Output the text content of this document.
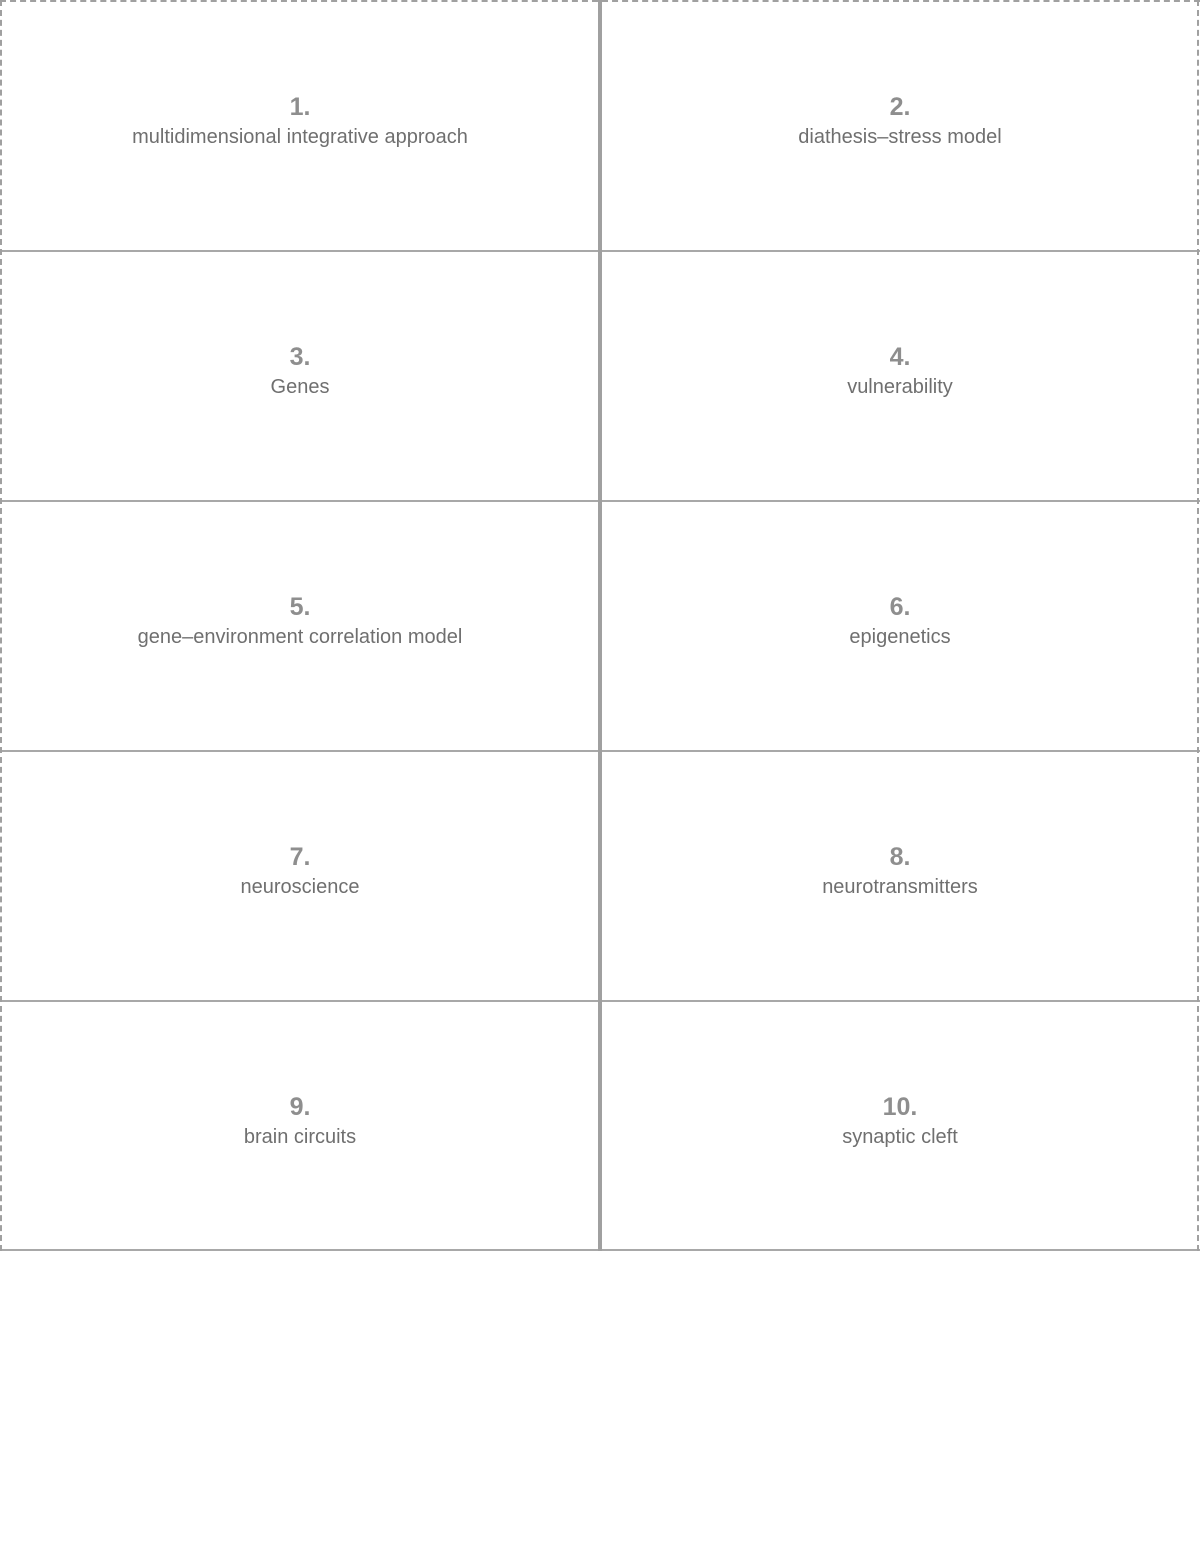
1.
multidimensional integrative approach
2.
diathesis–stress model
3.
Genes
4.
vulnerability
5.
gene–environment correlation model
6.
epigenetics
7.
neuroscience
8.
neurotransmitters
9.
brain circuits
10.
synaptic cleft
